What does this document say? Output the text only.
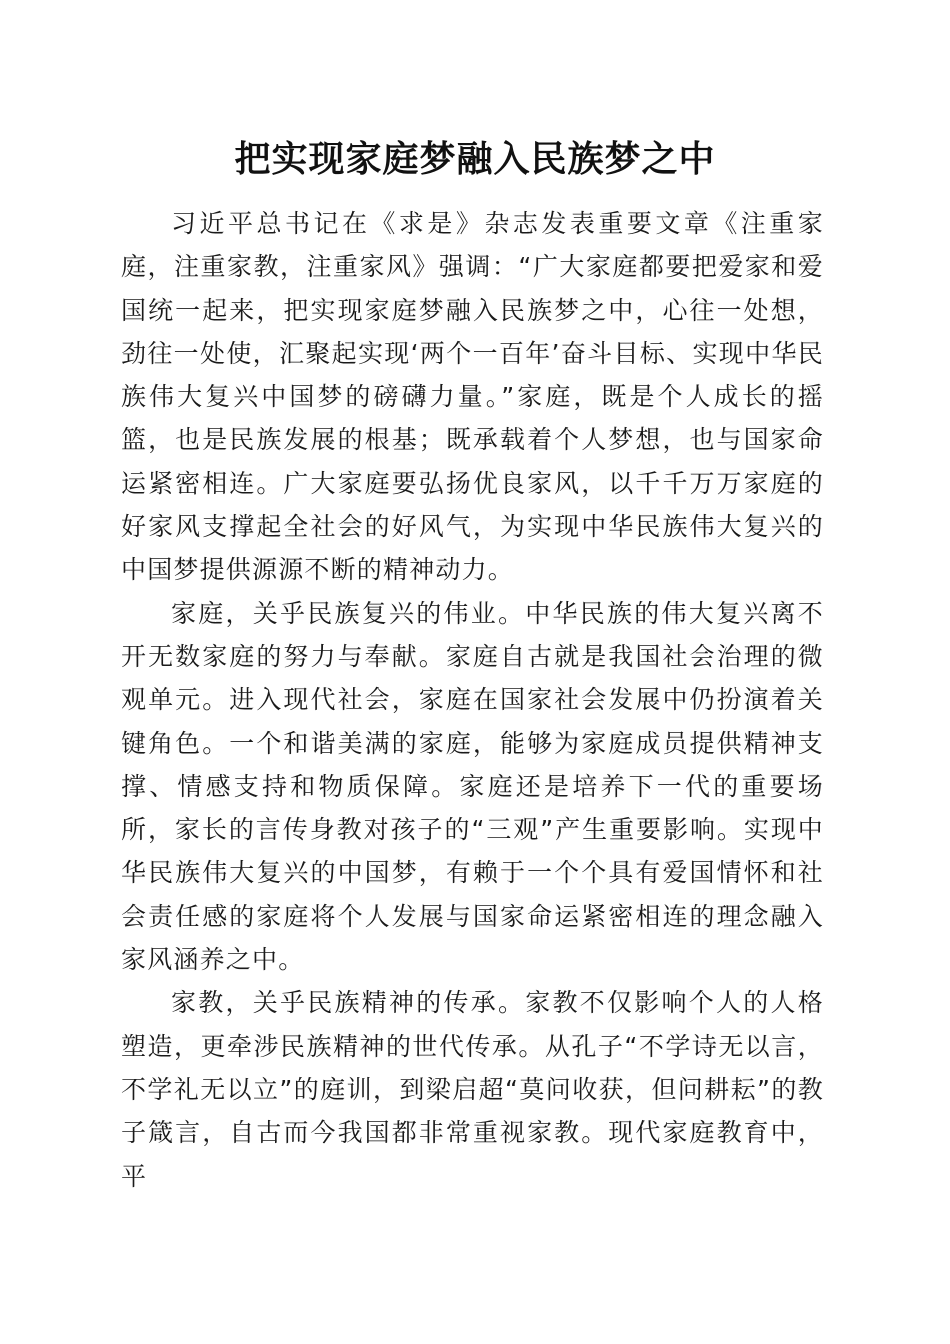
把实现家庭梦融入民族梦之中

习近平总书记在《求是》杂志发表重要文章《注重家庭，注重家教，注重家风》强调：“广大家庭都要把爱家和爱国统一起来，把实现家庭梦融入民族梦之中，心往一处想，劲往一处使，汇聚起实现‘两个一百年’奋斗目标、实现中华民族伟大复兴中国梦的磅礴力量。”家庭，既是个人成长的摇篮，也是民族发展的根基；既承载着个人梦想，也与国家命运紧密相连。广大家庭要弘扬优良家风，以千千万万家庭的好家风支撑起全社会的好风气，为实现中华民族伟大复兴的中国梦提供源源不断的精神动力。

家庭，关乎民族复兴的伟业。中华民族的伟大复兴离不开无数家庭的努力与奉献。家庭自古就是我国社会治理的微观单元。进入现代社会，家庭在国家社会发展中仍扮演着关键角色。一个和谐美满的家庭，能够为家庭成员提供精神支撑、情感支持和物质保障。家庭还是培养下一代的重要场所，家长的言传身教对孩子的“三观”产生重要影响。实现中华民族伟大复兴的中国梦，有赖于一个个具有爱国情怀和社会责任感的家庭将个人发展与国家命运紧密相连的理念融入家风涵养之中。

家教，关乎民族精神的传承。家教不仅影响个人的人格塑造，更牵涉民族精神的世代传承。从孔子“不学诗无以言，不学礼无以立”的庭训，到梁启超“莫问收获，但问耕耘”的教子箴言，自古而今我国都非常重视家教。现代家庭教育中，平
